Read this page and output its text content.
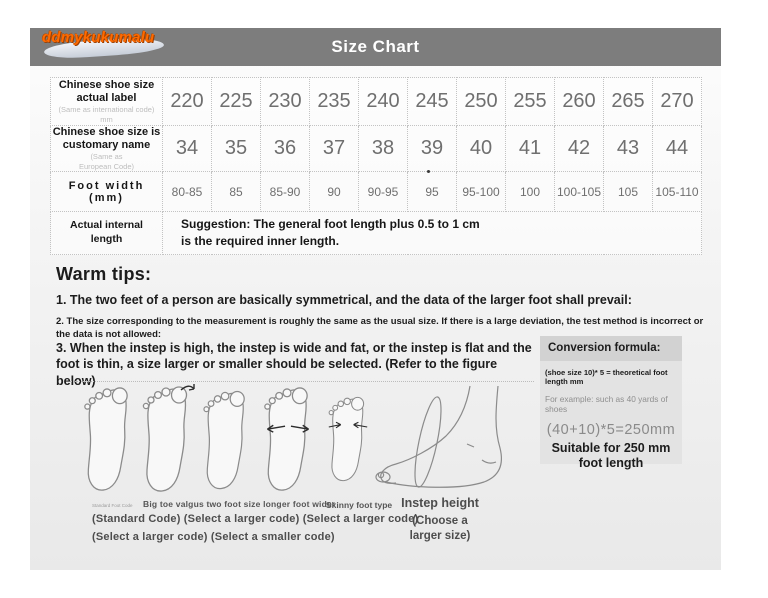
Size Chart
ddmykukumalu
Chinese shoe size
actual label
(Same as international code)
mm	220	225	230	235	240	245	250	255	260	265	270

Chinese shoe size is
customary name
(Same as
European Code)	34	35	36	37	38	39	40	41	42	43	44

Foot width (mm)	80-85	85	85-90	90	90-95	95	95-100	100	100-105	105	105-110

Actual internal
length	Suggestion: The general foot length plus 0.5 to 1 cm is the required inner length.										
Warm tips:
1. The two feet of a person are basically symmetrical, and the data of the larger foot shall prevail:
2. The size corresponding to the measurement is roughly the same as the usual size. If there is a large deviation, the test method is incorrect or the data is not allowed:
3. When the instep is high, the instep is wide and fat, or the instep is flat and the foot is thin, a size larger or smaller should be selected. (Refer to the figure below)
Conversion formula:
(shoe size 10)* 5 = theoretical foot length mm
For example: such as 40 yards of shoes
(40+10)*5=250mm
Suitable for 250 mm foot length
Standard Foot Code Big toe valgus two foot size longer foot wider
Skinny foot type Instep height
(Standard Code) (Select a larger code) (Select a larger code)
(Select a larger code) (Select a smaller code)
(Choose a larger size)
